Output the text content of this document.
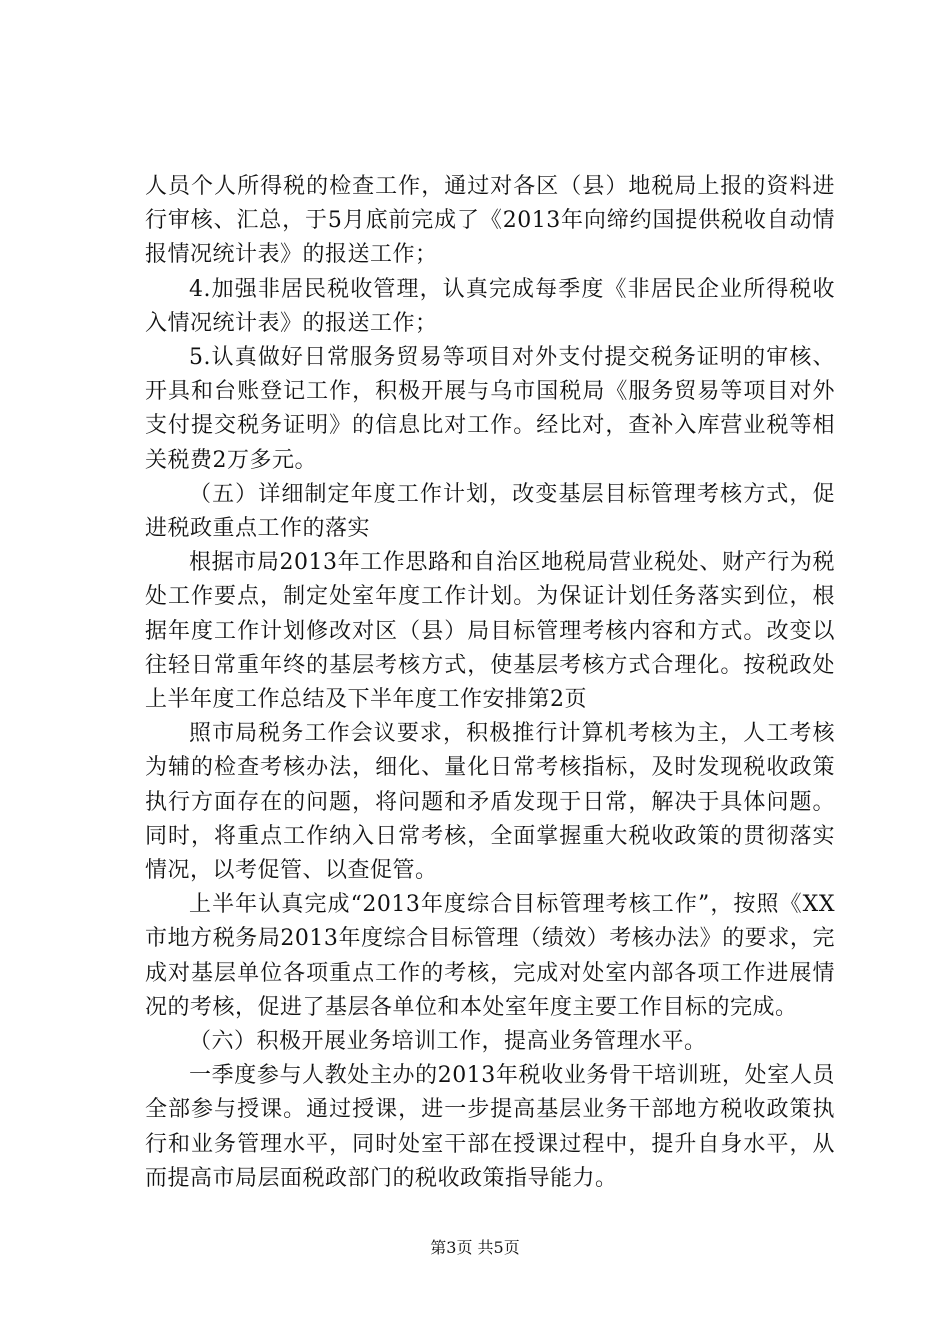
人员个人所得税的检查工作，通过对各区（县）地税局上报的资料进行审核、汇总，于5月底前完成了《2013年向缔约国提供税收自动情报情况统计表》的报送工作；

4.加强非居民税收管理，认真完成每季度《非居民企业所得税收入情况统计表》的报送工作；

5.认真做好日常服务贸易等项目对外支付提交税务证明的审核、开具和台账登记工作，积极开展与乌市国税局《服务贸易等项目对外支付提交税务证明》的信息比对工作。经比对，查补入库营业税等相关税费2万多元。

（五）详细制定年度工作计划，改变基层目标管理考核方式，促进税政重点工作的落实

根据市局2013年工作思路和自治区地税局营业税处、财产行为税处工作要点，制定处室年度工作计划。为保证计划任务落实到位，根据年度工作计划修改对区（县）局目标管理考核内容和方式。改变以往轻日常重年终的基层考核方式，使基层考核方式合理化。按税政处上半年度工作总结及下半年度工作安排第2页

照市局税务工作会议要求，积极推行计算机考核为主，人工考核为辅的检查考核办法，细化、量化日常考核指标，及时发现税收政策执行方面存在的问题，将问题和矛盾发现于日常，解决于具体问题。同时，将重点工作纳入日常考核，全面掌握重大税收政策的贯彻落实情况，以考促管、以查促管。

上半年认真完成“2013年度综合目标管理考核工作”，按照《XX市地方税务局2013年度综合目标管理（绩效）考核办法》的要求，完成对基层单位各项重点工作的考核，完成对处室内部各项工作进展情况的考核，促进了基层各单位和本处室年度主要工作目标的完成。

（六）积极开展业务培训工作，提高业务管理水平。

一季度参与人教处主办的2013年税收业务骨干培训班，处室人员全部参与授课。通过授课，进一步提高基层业务干部地方税收政策执行和业务管理水平，同时处室干部在授课过程中，提升自身水平，从而提高市局层面税政部门的税收政策指导能力。

第3页 共5页
